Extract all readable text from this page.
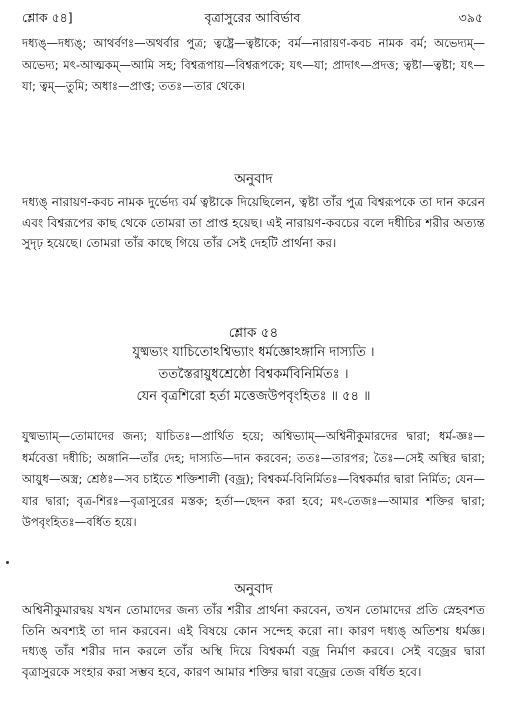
শ্লোক ৫৪]	বৃত্রাসুরের আবির্ভাব	৩৯৫
দধ্যঙ্—দধ্যঙ্; আথর্বণঃ—অথর্বার পুত্র; ত্বষ্ট্রে—ত্বষ্টাকে; বর্ম—নারায়ণ-কবচ নামক বর্ম; অভেদ্যম্—অভেদ্য; মৎ-আত্মকম্—আমি সহ; বিশ্বরূপায়—বিশ্বরূপকে; যৎ—যা; প্রাদাৎ—প্রদত্ত; ত্বষ্টা—ত্বষ্টা; যৎ—যা; ত্বম্—তুমি; অধাঃ—প্রাপ্ত; ততঃ—তার থেকে।
অনুবাদ
দধ্যঙ্ নারায়ণ-কবচ নামক দুর্ভেদ্য বর্ম ত্বষ্টাকে দিয়েছিলেন, ত্বষ্টা তাঁর পুত্র বিশ্বরূপকে তা দান করেন এবং বিশ্বরূপের কাছ থেকে তোমরা তা প্রাপ্ত হয়েছ। এই নারায়ণ-কবচের বলে দধীচির শরীর অত্যন্ত সুদৃঢ় হয়েছে। তোমরা তাঁর কাছে গিয়ে তাঁর সেই দেহটি প্রার্থনা কর।
শ্লোক ৫৪
যুষ্মভ্যং যাচিতোঽশ্বিভ্যাং ধর্মজ্ঞোঽঙ্গানি দাস্যতি ।
ততস্তৈরায়ুধশ্রেষ্ঠো বিশ্বকর্মবিনির্মিতঃ ।
যেন বৃত্রশিরো হর্তা মত্তেজউপবৃংহিতঃ ॥ ৫৪ ॥
যুষ্মভ্যাম্—তোমাদের জন্য; যাচিতঃ—প্রার্থিত হয়ে; অশ্বিভ্যাম্—অশ্বিনীকুমারদের দ্বারা; ধর্ম-জ্ঞঃ—ধর্মবেত্তা দধীচি; অঙ্গানি—তাঁর দেহ; দাস্যতি—দান করবেন; ততঃ—তারপর; তৈঃ—সেই অস্থির দ্বারা; আয়ুধ—অস্ত্র; শ্রেষ্ঠঃ—সব চাইতে শক্তিশালী (বজ্র); বিশ্বকর্ম-বিনির্মিতঃ—বিশ্বকর্মার দ্বারা নির্মিত; যেন—যার দ্বারা; বৃত্র-শিরঃ—বৃত্রাসুরের মস্তক; হর্তা—ছেদন করা হবে; মৎ-তেজঃ—আমার শক্তির দ্বারা; উপবৃংহিতঃ—বর্ধিত হয়ে।
অনুবাদ
অশ্বিনীকুমারদ্বয় যখন তোমাদের জন্য তাঁর শরীর প্রার্থনা করবেন, তখন তোমাদের প্রতি স্নেহবশত তিনি অবশ্যই তা দান করবেন। এই বিষয়ে কোন সন্দেহ করো না। কারণ দধ্যঙ্ অতিশয় ধর্মজ্ঞ। দধ্যঙ্ তাঁর শরীর দান করলে তাঁর অস্থি দিয়ে বিশ্বকর্মা বজ্র নির্মাণ করবে। সেই বজ্রের দ্বারা বৃত্রাসুরকে সংহার করা সম্ভব হবে, কারণ আমার শক্তির দ্বারা বজ্রের তেজ বর্ধিত হবে।
